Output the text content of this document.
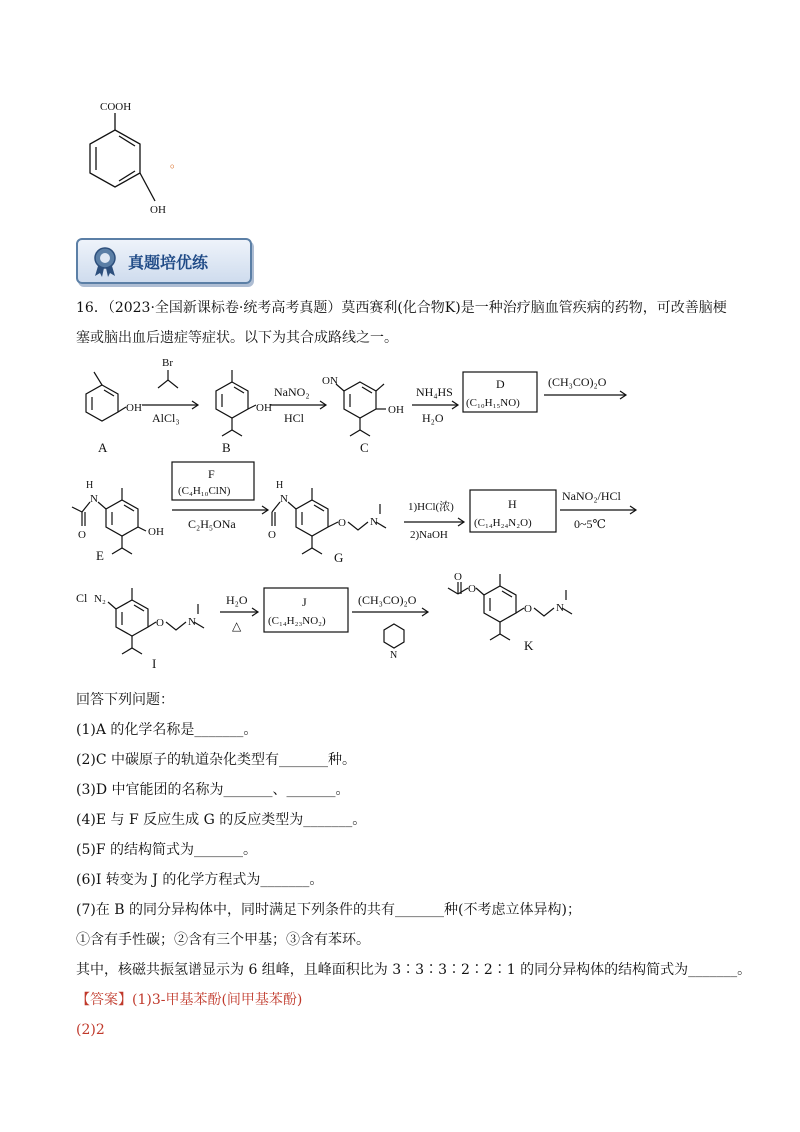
COOH
OH
。
真题培优练
16．（2023·全国新课标卷·统考高考真题）莫西赛利(化合物K)是一种治疗脑血管疾病的药物，可改善脑梗
塞或脑出血后遗症等症状。以下为其合成路线之一。
A
OH
Br
AlCl₃
B
OH
NaNO₂
HCl
ON
OH
C
NH₄HS
H₂O
D
(C₁₀H₁₅NO)
(CH₃CO)₂O
H
N
O	OH
E
F
(C₄H₁₀ClN)
C₂H₅ONa
H
N
O
O N
G
1)HCl(浓)
2)NaOH
H
(C₁₄H₂₄N₂O)
NaNO₂/HCl
0~5℃
Cl N₂
O N
I
H₂O
△
J
(C₁₄H₂₃NO₂)
(CH₃CO)₂O
N
O
O
O N
K
回答下列问题：
(1)A 的化学名称是_______。
(2)C 中碳原子的轨道杂化类型有_______种。
(3)D 中官能团的名称为_______、_______。
(4)E 与 F 反应生成 G 的反应类型为_______。
(5)F 的结构简式为_______。
(6)I 转变为 J 的化学方程式为_______。
(7)在 B 的同分异构体中，同时满足下列条件的共有_______种(不考虑立体异构)；
①含有手性碳；②含有三个甲基；③含有苯环。
其中，核磁共振氢谱显示为 6 组峰，且峰面积比为 3∶3∶3∶2∶2∶1 的同分异构体的结构简式为_______。
【答案】(1)3-甲基苯酚(间甲基苯酚)
(2)2
